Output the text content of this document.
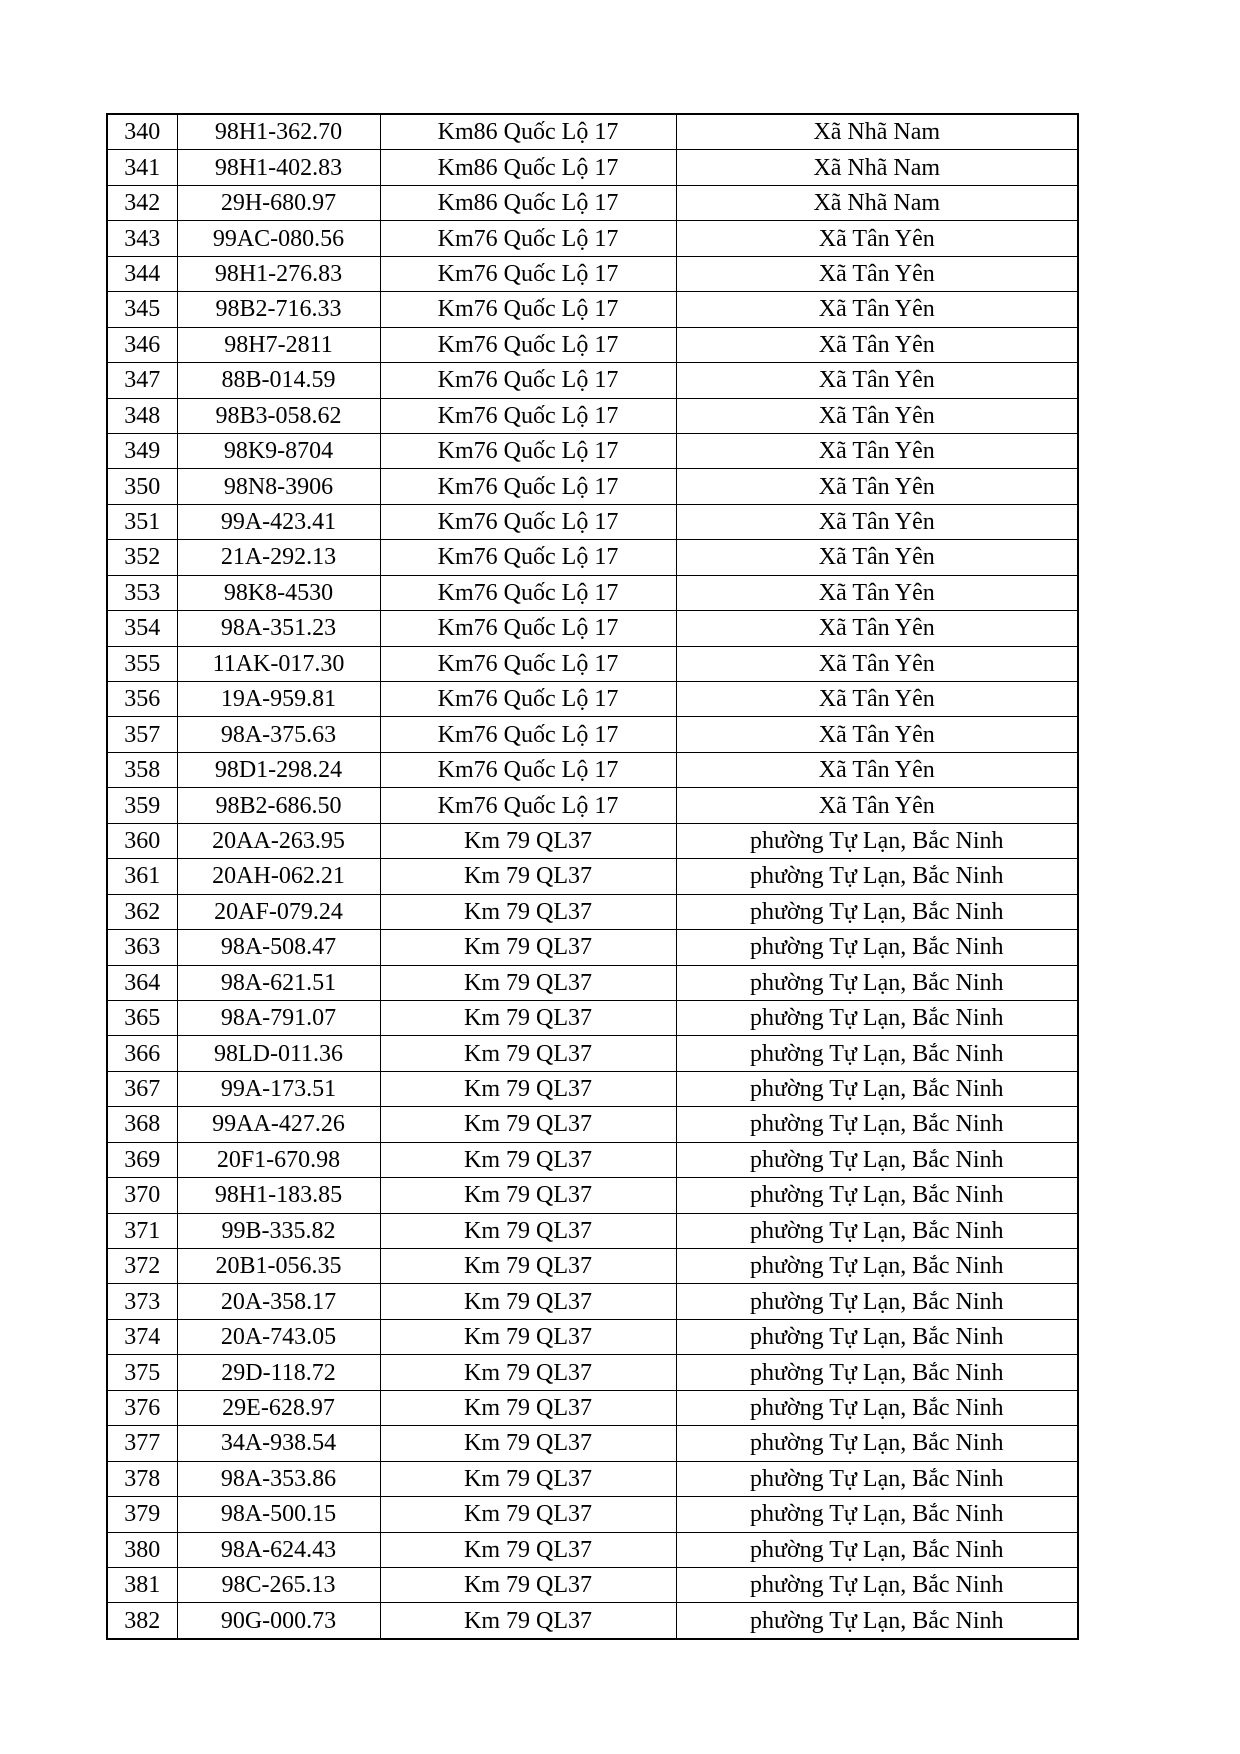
340	98H1-362.70	Km86 Quốc Lộ 17	Xã Nhã Nam
341	98H1-402.83	Km86 Quốc Lộ 17	Xã Nhã Nam
342	29H-680.97	Km86 Quốc Lộ 17	Xã Nhã Nam
343	99AC-080.56	Km76 Quốc Lộ 17	Xã Tân Yên
344	98H1-276.83	Km76 Quốc Lộ 17	Xã Tân Yên
345	98B2-716.33	Km76 Quốc Lộ 17	Xã Tân Yên
346	98H7-2811	Km76 Quốc Lộ 17	Xã Tân Yên
347	88B-014.59	Km76 Quốc Lộ 17	Xã Tân Yên
348	98B3-058.62	Km76 Quốc Lộ 17	Xã Tân Yên
349	98K9-8704	Km76 Quốc Lộ 17	Xã Tân Yên
350	98N8-3906	Km76 Quốc Lộ 17	Xã Tân Yên
351	99A-423.41	Km76 Quốc Lộ 17	Xã Tân Yên
352	21A-292.13	Km76 Quốc Lộ 17	Xã Tân Yên
353	98K8-4530	Km76 Quốc Lộ 17	Xã Tân Yên
354	98A-351.23	Km76 Quốc Lộ 17	Xã Tân Yên
355	11AK-017.30	Km76 Quốc Lộ 17	Xã Tân Yên
356	19A-959.81	Km76 Quốc Lộ 17	Xã Tân Yên
357	98A-375.63	Km76 Quốc Lộ 17	Xã Tân Yên
358	98D1-298.24	Km76 Quốc Lộ 17	Xã Tân Yên
359	98B2-686.50	Km76 Quốc Lộ 17	Xã Tân Yên
360	20AA-263.95	Km 79 QL37	phường Tự Lạn, Bắc Ninh
361	20AH-062.21	Km 79 QL37	phường Tự Lạn, Bắc Ninh
362	20AF-079.24	Km 79 QL37	phường Tự Lạn, Bắc Ninh
363	98A-508.47	Km 79 QL37	phường Tự Lạn, Bắc Ninh
364	98A-621.51	Km 79 QL37	phường Tự Lạn, Bắc Ninh
365	98A-791.07	Km 79 QL37	phường Tự Lạn, Bắc Ninh
366	98LD-011.36	Km 79 QL37	phường Tự Lạn, Bắc Ninh
367	99A-173.51	Km 79 QL37	phường Tự Lạn, Bắc Ninh
368	99AA-427.26	Km 79 QL37	phường Tự Lạn, Bắc Ninh
369	20F1-670.98	Km 79 QL37	phường Tự Lạn, Bắc Ninh
370	98H1-183.85	Km 79 QL37	phường Tự Lạn, Bắc Ninh
371	99B-335.82	Km 79 QL37	phường Tự Lạn, Bắc Ninh
372	20B1-056.35	Km 79 QL37	phường Tự Lạn, Bắc Ninh
373	20A-358.17	Km 79 QL37	phường Tự Lạn, Bắc Ninh
374	20A-743.05	Km 79 QL37	phường Tự Lạn, Bắc Ninh
375	29D-118.72	Km 79 QL37	phường Tự Lạn, Bắc Ninh
376	29E-628.97	Km 79 QL37	phường Tự Lạn, Bắc Ninh
377	34A-938.54	Km 79 QL37	phường Tự Lạn, Bắc Ninh
378	98A-353.86	Km 79 QL37	phường Tự Lạn, Bắc Ninh
379	98A-500.15	Km 79 QL37	phường Tự Lạn, Bắc Ninh
380	98A-624.43	Km 79 QL37	phường Tự Lạn, Bắc Ninh
381	98C-265.13	Km 79 QL37	phường Tự Lạn, Bắc Ninh
382	90G-000.73	Km 79 QL37	phường Tự Lạn, Bắc Ninh
